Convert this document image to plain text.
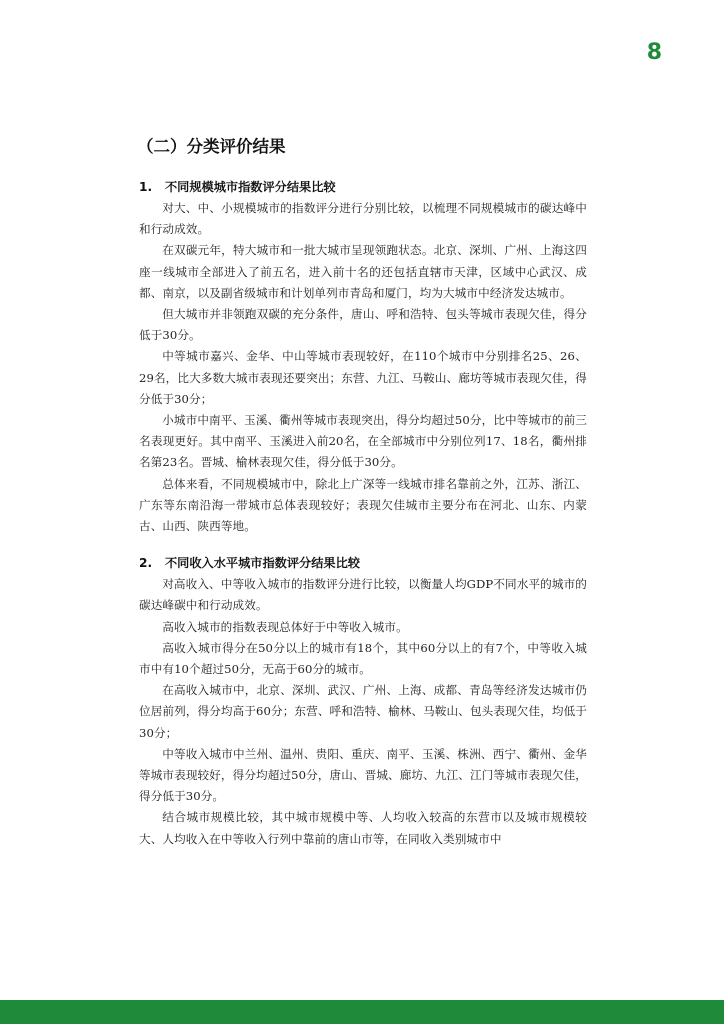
8
（二）分类评价结果
1. 不同规模城市指数评分结果比较

对大、中、小规模城市的指数评分进行分别比较，以梳理不同规模城市的碳达峰中和行动成效。

在双碳元年，特大城市和一批大城市呈现领跑状态。北京、深圳、广州、上海这四座一线城市全部进入了前五名，进入前十名的还包括直辖市天津，区域中心武汉、成都、南京，以及副省级城市和计划单列市青岛和厦门，均为大城市中经济发达城市。

但大城市并非领跑双碳的充分条件，唐山、呼和浩特、包头等城市表现欠佳，得分低于30分。

中等城市嘉兴、金华、中山等城市表现较好，在110个城市中分别排名25、26、29名，比大多数大城市表现还要突出；东营、九江、马鞍山、廊坊等城市表现欠佳，得分低于30分；

小城市中南平、玉溪、衢州等城市表现突出，得分均超过50分，比中等城市的前三名表现更好。其中南平、玉溪进入前20名，在全部城市中分别位列17、18名，衢州排名第23名。晋城、榆林表现欠佳，得分低于30分。

总体来看，不同规模城市中，除北上广深等一线城市排名靠前之外，江苏、浙江、广东等东南沿海一带城市总体表现较好；表现欠佳城市主要分布在河北、山东、内蒙古、山西、陕西等地。

2. 不同收入水平城市指数评分结果比较

对高收入、中等收入城市的指数评分进行比较，以衡量人均GDP不同水平的城市的碳达峰碳中和行动成效。

高收入城市的指数表现总体好于中等收入城市。

高收入城市得分在50分以上的城市有18个，其中60分以上的有7个，中等收入城市中有10个超过50分，无高于60分的城市。

在高收入城市中，北京、深圳、武汉、广州、上海、成都、青岛等经济发达城市仍位居前列，得分均高于60分；东营、呼和浩特、榆林、马鞍山、包头表现欠佳，均低于30分；

中等收入城市中兰州、温州、贵阳、重庆、南平、玉溪、株洲、西宁、衢州、金华等城市表现较好，得分均超过50分，唐山、晋城、廊坊、九江、江门等城市表现欠佳，得分低于30分。

结合城市规模比较，其中城市规模中等、人均收入较高的东营市以及城市规模较大、人均收入在中等收入行列中靠前的唐山市等，在同收入类别城市中
